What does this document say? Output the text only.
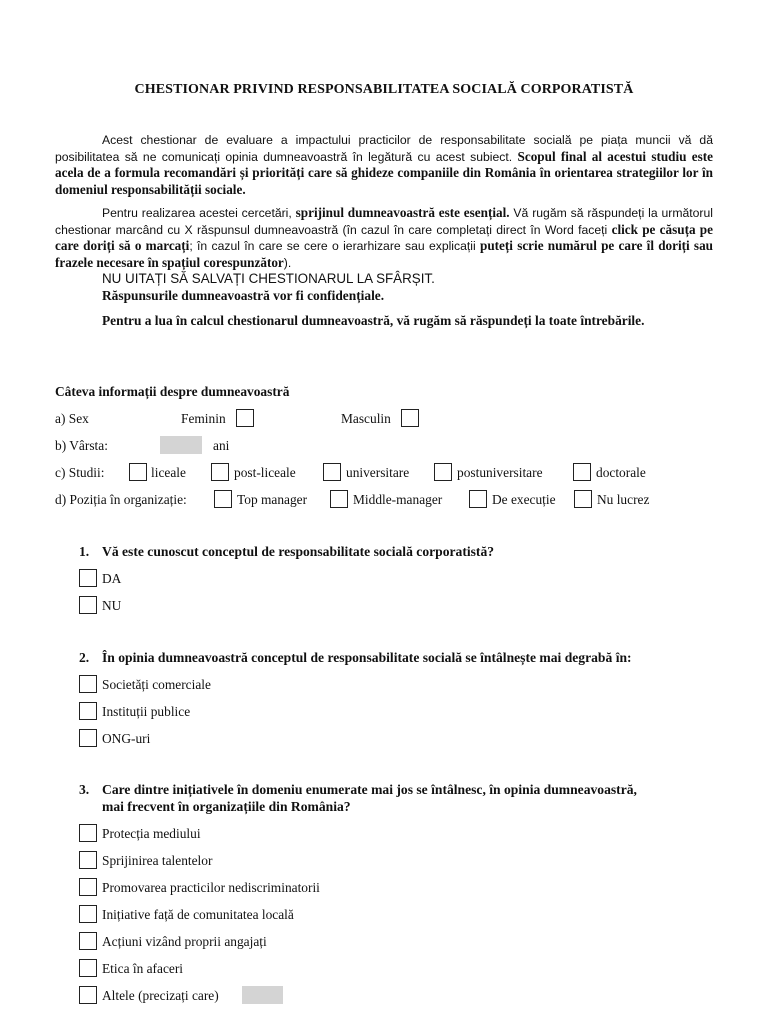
CHESTIONAR PRIVIND RESPONSABILITATEA SOCIALĂ CORPORATISTĂ
Acest chestionar de evaluare a impactului practicilor de responsabilitate socială pe piața muncii vă dă posibilitatea să ne comunicați opinia dumneavoastră în legătură cu acest subiect. Scopul final al acestui studiu este acela de a formula recomandări și priorități care să ghideze companiile din România în orientarea strategiilor lor în domeniul responsabilității sociale.
Pentru realizarea acestei cercetări, sprijinul dumneavoastră este esențial. Vă rugăm să răspundeți la următorul chestionar marcând cu X răspunsul dumneavoastră (în cazul în care completați direct în Word faceți click pe căsuța pe care doriți să o marcați; în cazul în care se cere o ierarhizare sau explicații puteți scrie numărul pe care îl doriți sau frazele necesare în spațiul corespunzător).
NU UITAȚI SĂ SALVAȚI CHESTIONARUL LA SFÂRȘIT.
Răspunsurile dumneavoastră vor fi confidențiale.
Pentru a lua în calcul chestionarul dumneavoastră, vă rugăm să răspundeți la toate întrebările.
Câteva informații despre dumneavoastră
a) Sex	Feminin	Masculin
b) Vârsta:	ani
c) Studii:	liceale	post-liceale	universitare	postuniversitare	doctorale
d) Poziția în organizație:	Top manager	Middle-manager	De execuție	Nu lucrez
1. Vă este cunoscut conceptul de responsabilitate socială corporatistă?
DA
NU
2. În opinia dumneavoastră conceptul de responsabilitate socială se întâlnește mai degrabă în:
Societăți comerciale
Instituții publice
ONG-uri
3. Care dintre inițiativele în domeniu enumerate mai jos se întâlnesc, în opinia dumneavoastră,
mai frecvent în organizațiile din România?
Protecția mediului
Sprijinirea talentelor
Promovarea practicilor nediscriminatorii
Inițiative față de comunitatea locală
Acțiuni vizând proprii angajați
Etica în afaceri
Altele (precizați care)
